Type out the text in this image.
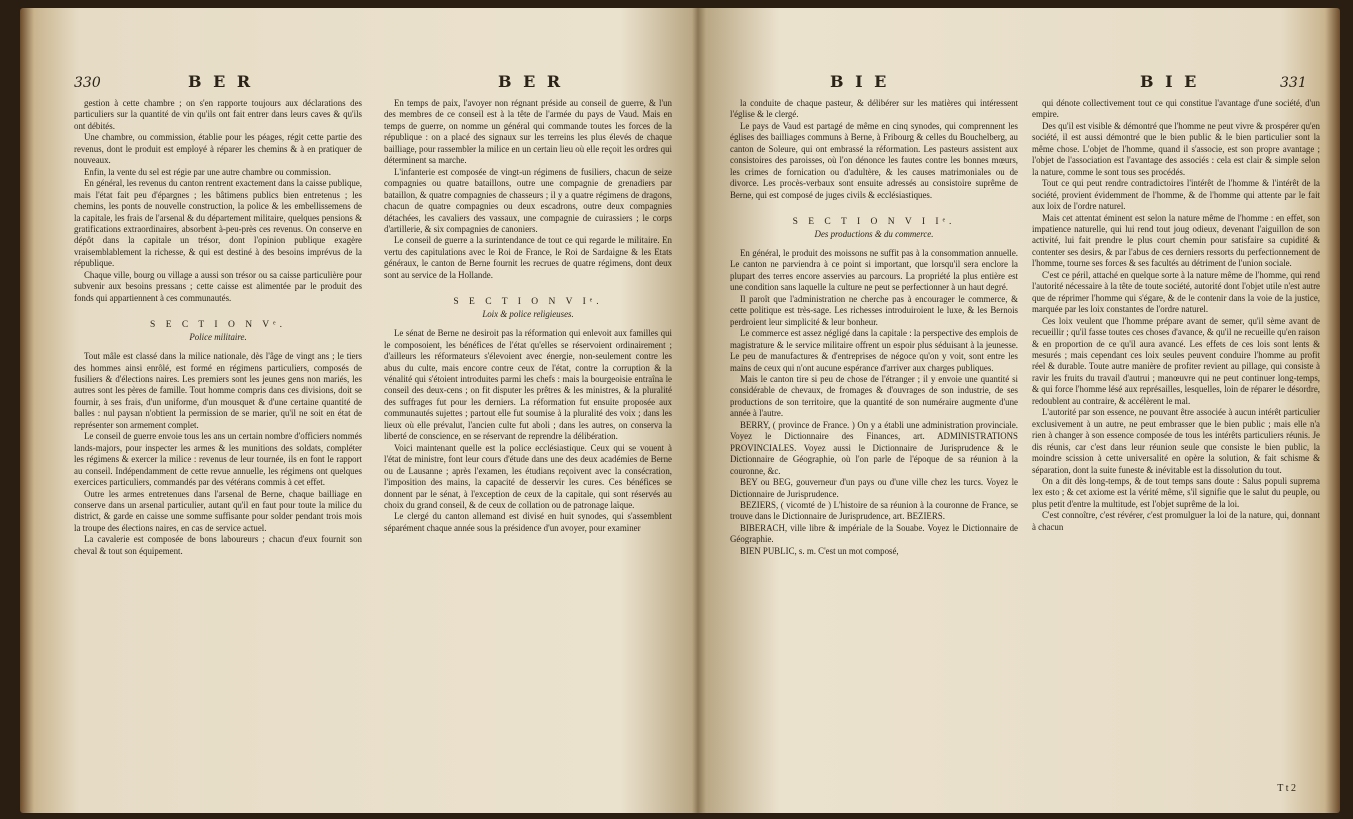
330	B E R	B E R

gestion à cette chambre ; on s'en rapporte toujours aux déclarations des particuliers sur la quantité de vin qu'ils ont fait entrer dans leurs caves & qu'ils ont débités.

Une chambre, ou commission, établie pour les péages, régit cette partie des revenus, dont le produit est employé à réparer les chemins & à en pratiquer de nouveaux.

Enfin, la vente du sel est régie par une autre chambre ou commission.

En général, les revenus du canton rentrent exactement dans la caisse publique, mais l'état fait peu d'épargnes ; les bâtimens publics bien entretenus ; les chemins, les ponts de nouvelle construction, la police & les embellissemens de la capitale, les frais de l'arsenal & du département militaire, quelques pensions & gratifications extraordinaires, absorbent à-peu-près ces revenus. On conserve en dépôt dans la capitale un trésor, dont l'opinion publique exagère vraisemblablement la richesse, & qui est destiné à des besoins imprévus de la république.

Chaque ville, bourg ou village a aussi son trésor ou sa caisse particulière pour subvenir aux besoins pressans ; cette caisse est alimentée par le produit des fonds qui appartiennent à ces communautés.

S E C T I O N Vᵉ.

Police militaire.

Tout mâle est classé dans la milice nationale, dès l'âge de vingt ans ; le tiers des hommes ainsi enrôlé, est formé en régimens particuliers, composés de fusiliers & d'élections naires. Les premiers sont les jeunes gens non mariés, les autres sont les pères de famille. Tout homme compris dans ces divisions, doit se fournir, à ses frais, d'un uniforme, d'un mousquet & d'une certaine quantité de balles : nul paysan n'obtient la permission de se marier, qu'il ne soit en état de représenter son armement complet.

Le conseil de guerre envoie tous les ans un certain nombre d'officiers nommés lands-majors, pour inspecter les armes & les munitions des soldats, compléter les régimens & exercer la milice : revenus de leur tournée, ils en font le rapport au conseil. Indépendamment de cette revue annuelle, les régimens ont quelques exercices particuliers, commandés par des vétérans commis à cet effet.

Outre les armes entretenues dans l'arsenal de Berne, chaque bailliage en conserve dans un arsenal particulier, autant qu'il en faut pour toute la milice du district, & garde en caisse une somme suffisante pour solder pendant trois mois la troupe des élections naires, en cas de service actuel.

La cavalerie est composée de bons laboureurs ; chacun d'eux fournit son cheval & tout son équipement.

En temps de paix, l'avoyer non régnant préside au conseil de guerre, & l'un des membres de ce conseil est à la tête de l'armée du pays de Vaud. Mais en temps de guerre, on nomme un général qui commande toutes les forces de la république : on a placé des signaux sur les terreins les plus élevés de chaque bailliage, pour rassembler la milice en un certain lieu où elle reçoit les ordres qui déterminent sa marche.

L'infanterie est composée de vingt-un régimens de fusiliers, chacun de seize compagnies ou quatre bataillons, outre une compagnie de grenadiers par bataillon, & quatre compagnies de chasseurs ; il y a quatre régimens de dragons, chacun de quatre compagnies ou deux escadrons, outre deux compagnies détachées, les cavaliers des vassaux, une compagnie de cuirassiers ; le corps d'artillerie, & six compagnies de canoniers.

Le conseil de guerre a la surintendance de tout ce qui regarde le militaire. En vertu des capitulations avec le Roi de France, le Roi de Sardaigne & les Etats généraux, le canton de Berne fournit les recrues de quatre régimens, dont deux sont au service de la Hollande.

S E C T I O N V Iᵉ.

Loix & police religieuses.

Le sénat de Berne ne desiroit pas la réformation qui enlevoit aux familles qui le composoient, les bénéfices de l'état qu'elles se réservoient ordinairement ; d'ailleurs les réformateurs s'élevoient avec énergie, non-seulement contre les abus du culte, mais encore contre ceux de l'état, contre la corruption & la vénalité qui s'étoient introduites parmi les chefs : mais la bourgeoisie entraîna le conseil des deux-cens ; on fit disputer les prêtres & les ministres, & la pluralité des suffrages fut pour les derniers. La réformation fut ensuite proposée aux communautés sujettes ; partout elle fut soumise à la pluralité des voix ; dans les lieux où elle prévalut, l'ancien culte fut aboli ; dans les autres, on conserva la liberté de conscience, en se réservant de reprendre la délibération.

Voici maintenant quelle est la police ecclésiastique. Ceux qui se vouent à l'état de ministre, font leur cours d'étude dans une des deux académies de Berne ou de Lausanne ; après l'examen, les étudians reçoivent avec la consécration, l'imposition des mains, la capacité de desservir les cures. Ces bénéfices se donnent par le sénat, à l'exception de ceux de la capitale, qui sont réservés au choix du grand conseil, & de ceux de collation ou de patronage laïque.

Le clergé du canton allemand est divisé en huit synodes, qui s'assemblent séparément chaque année sous la présidence d'un avoyer, pour examiner

B I E	B I E	331

la conduite de chaque pasteur, & délibérer sur les matières qui intéressent l'église & le clergé.

Le pays de Vaud est partagé de même en cinq synodes, qui comprennent les églises des bailliages communs à Berne, à Fribourg & celles du Bouchelberg, au canton de Soleure, qui ont embrassé la réformation. Les pasteurs assistent aux consistoires des paroisses, où l'on dénonce les fautes contre les bonnes mœurs, les crimes de fornication ou d'adultère, & les causes matrimoniales ou de divorce. Les procès-verbaux sont ensuite adressés au consistoire suprême de Berne, qui est composé de juges civils & ecclésiastiques.

S E C T I O N V I Iᵉ.

Des productions & du commerce.

En général, le produit des moissons ne suffit pas à la consommation annuelle. Le canton ne parviendra à ce point si important, que lorsqu'il sera enclore la plupart des terres encore asservies au parcours. La propriété la plus entière est une condition sans laquelle la culture ne peut se perfectionner à un haut degré.

Il paroît que l'administration ne cherche pas à encourager le commerce, & cette politique est très-sage. Les richesses introduiroient le luxe, & les Bernois perdroient leur simplicité & leur bonheur.

Le commerce est assez négligé dans la capitale : la perspective des emplois de magistrature & le service militaire offrent un espoir plus séduisant à la jeunesse. Le peu de manufactures & d'entreprises de négoce qu'on y voit, sont entre les mains de ceux qui n'ont aucune espérance d'arriver aux charges publiques.

Mais le canton tire si peu de chose de l'étranger ; il y envoie une quantité si considérable de chevaux, de fromages & d'ouvrages de son industrie, de ses productions de son territoire, que la quantité de son numéraire augmente d'une année à l'autre.

BERRY, ( province de France. ) On y a établi une administration provinciale. Voyez le Dictionnaire des Finances, art. ADMINISTRATIONS PROVINCIALES. Voyez aussi le Dictionnaire de Jurisprudence & le Dictionnaire de Géographie, où l'on parle de l'époque de sa réunion à la couronne, &c.

BEY ou BEG, gouverneur d'un pays ou d'une ville chez les turcs. Voyez le Dictionnaire de Jurisprudence.

BEZIERS, ( vicomté de ) L'histoire de sa réunion à la couronne de France, se trouve dans le Dictionnaire de Jurisprudence, art. BEZIERS.

BIBERACH, ville libre & impériale de la Souabe. Voyez le Dictionnaire de Géographie.

BIEN PUBLIC, s. m. C'est un mot composé,

qui dénote collectivement tout ce qui constitue l'avantage d'une société, d'un empire.

Des qu'il est visible & démontré que l'homme ne peut vivre & prospérer qu'en société, il est aussi démontré que le bien public & le bien particulier sont la même chose. L'objet de l'homme, quand il s'associe, est son propre avantage ; l'objet de l'association est l'avantage des associés : cela est clair & simple selon la nature, comme le sont tous ses procédés.

Tout ce qui peut rendre contradictoires l'intérêt de l'homme & l'intérêt de la société, provient évidemment de l'homme, & de l'homme qui attente par le fait aux loix de l'ordre naturel.

Mais cet attentat éminent est selon la nature même de l'homme : en effet, son impatience naturelle, qui lui rend tout joug odieux, devenant l'aiguillon de son activité, lui fait prendre le plus court chemin pour satisfaire sa cupidité & contenter ses desirs, & par l'abus de ces derniers ressorts du perfectionnement de l'homme, tourne ses forces & ses facultés au détriment de l'union sociale.

C'est ce péril, attaché en quelque sorte à la nature même de l'homme, qui rend l'autorité nécessaire à la tête de toute société, autorité dont l'objet utile n'est autre que de réprimer l'homme qui s'égare, & de le contenir dans la voie de la justice, marquée par les loix constantes de l'ordre naturel.

Ces loix veulent que l'homme prépare avant de semer, qu'il sème avant de recueillir ; qu'il fasse toutes ces choses d'avance, & qu'il ne recueille qu'en raison & en proportion de ce qu'il aura avancé. Les effets de ces lois sont lents & mesurés ; mais cependant ces loix seules peuvent conduire l'homme au profit réel & durable. Toute autre manière de profiter revient au pillage, qui consiste à ravir les fruits du travail d'autrui ; manœuvre qui ne peut continuer long-temps, & qui force l'homme lésé aux représailles, lesquelles, loin de réparer le désordre, redoublent au contraire, & accélèrent le mal.

L'autorité par son essence, ne pouvant être associée à aucun intérêt particulier exclusivement à un autre, ne peut embrasser que le bien public ; mais elle n'a rien à changer à son essence composée de tous les intérêts particuliers réunis. Je dis réunis, car c'est dans leur réunion seule que consiste le bien public, la moindre scission à cette universalité en opère la solution, & fait schisme & séparation, dont la suite funeste & inévitable est la dissolution du tout.

On a dit dès long-temps, & de tout temps sans doute : Salus populi suprema lex esto ; & cet axiome est la vérité même, s'il signifie que le salut du peuple, ou plus petit d'entre la multitude, est l'objet suprême de la loi.

C'est connoître, c'est révérer, c'est promulguer la loi de la nature, qui, donnant à chacun

T t 2
